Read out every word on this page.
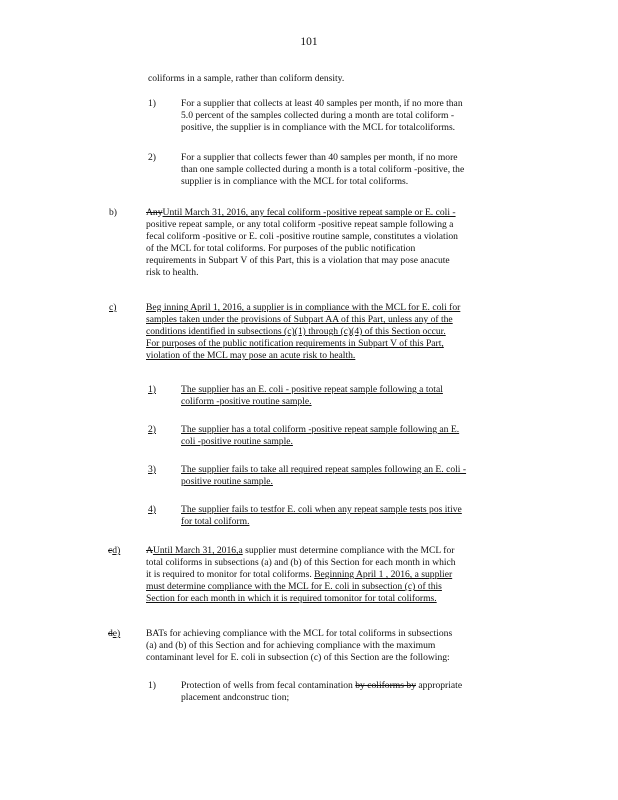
101
coliforms in a sample, rather than coliform density.
1)	For a supplier that collects at least 40 samples per month, if no more than
5.0 percent of the samples collected during a month are total coliform -
positive, the supplier is in compliance with the MCL for totalcoliforms.
2)	For a supplier that collects fewer than 40 samples per month, if no more
than one sample collected during a month is a total coliform -positive, the
supplier is in compliance with the MCL for total coliforms.
b)	AnyUntil March 31, 2016, any fecal coliform -positive repeat sample or E. coli -
positive repeat sample, or any total coliform -positive repeat sample following a
fecal coliform -positive or E. coli -positive routine sample, constitutes a violation
of the MCL for total coliforms. For purposes of the public notification
requirements in Subpart V of this Part, this is a violation that may pose anacute
risk to health.
c)	Beg inning April 1, 2016, a supplier is in compliance with the MCL for E. coli for
samples taken under the provisions of Subpart AA of this Part, unless any of the
conditions identified in subsections (c)(1) through (c)(4) of this Section occur.
For purposes of the public notification requirements in Subpart V of this Part,
violation of the MCL may pose an acute risk to health.
1)	The supplier has an E. coli - positive repeat sample following a total
coliform -positive routine sample.
2)	The supplier has a total coliform -positive repeat sample following an E.
coli -positive routine sample.
3)	The supplier fails to take all required repeat samples following an E. coli -
positive routine sample.
4)	The supplier fails to testfor E. coli when any repeat sample tests pos itive
for total coliform.
cd)	AUntil March 31, 2016,a supplier must determine compliance with the MCL for
total coliforms in subsections (a) and (b) of this Section for each month in which
it is required to monitor for total coliforms. Beginning April 1 , 2016, a supplier
must determine compliance with the MCL for E. coli in subsection (c) of this
Section for each month in which it is required tomonitor for total coliforms.
de)	BATs for achieving compliance with the MCL for total coliforms in subsections
(a) and (b) of this Section and for achieving compliance with the maximum
contaminant level for E. coli in subsection (c) of this Section are the following:
1)	Protection of wells from fecal contamination by coliforms by appropriate
placement andconstruc tion;
